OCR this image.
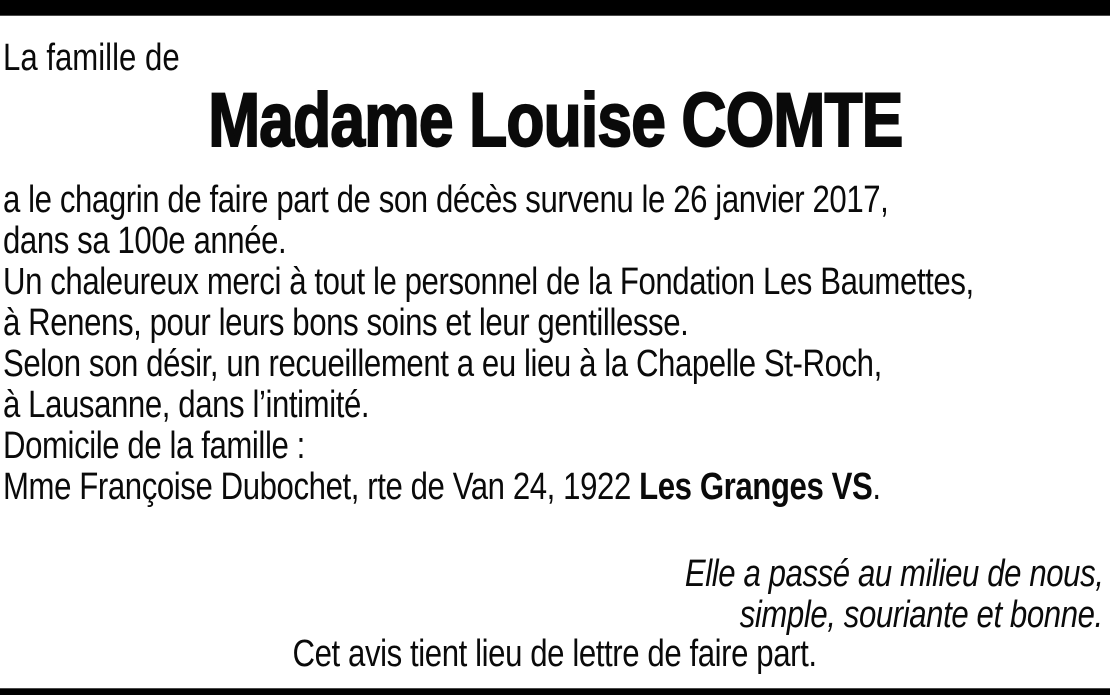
La famille de
Madame Louise COMTE
a le chagrin de faire part de son décès survenu le 26 janvier 2017,
dans sa 100e année.
Un chaleureux merci à tout le personnel de la Fondation Les Baumettes,
à Renens, pour leurs bons soins et leur gentillesse.
Selon son désir, un recueillement a eu lieu à la Chapelle St-Roch,
à Lausanne, dans l’intimité.
Domicile de la famille :
Mme Françoise Dubochet, rte de Van 24, 1922 Les Granges VS.
Elle a passé au milieu de nous,
simple, souriante et bonne.
Cet avis tient lieu de lettre de faire part.
